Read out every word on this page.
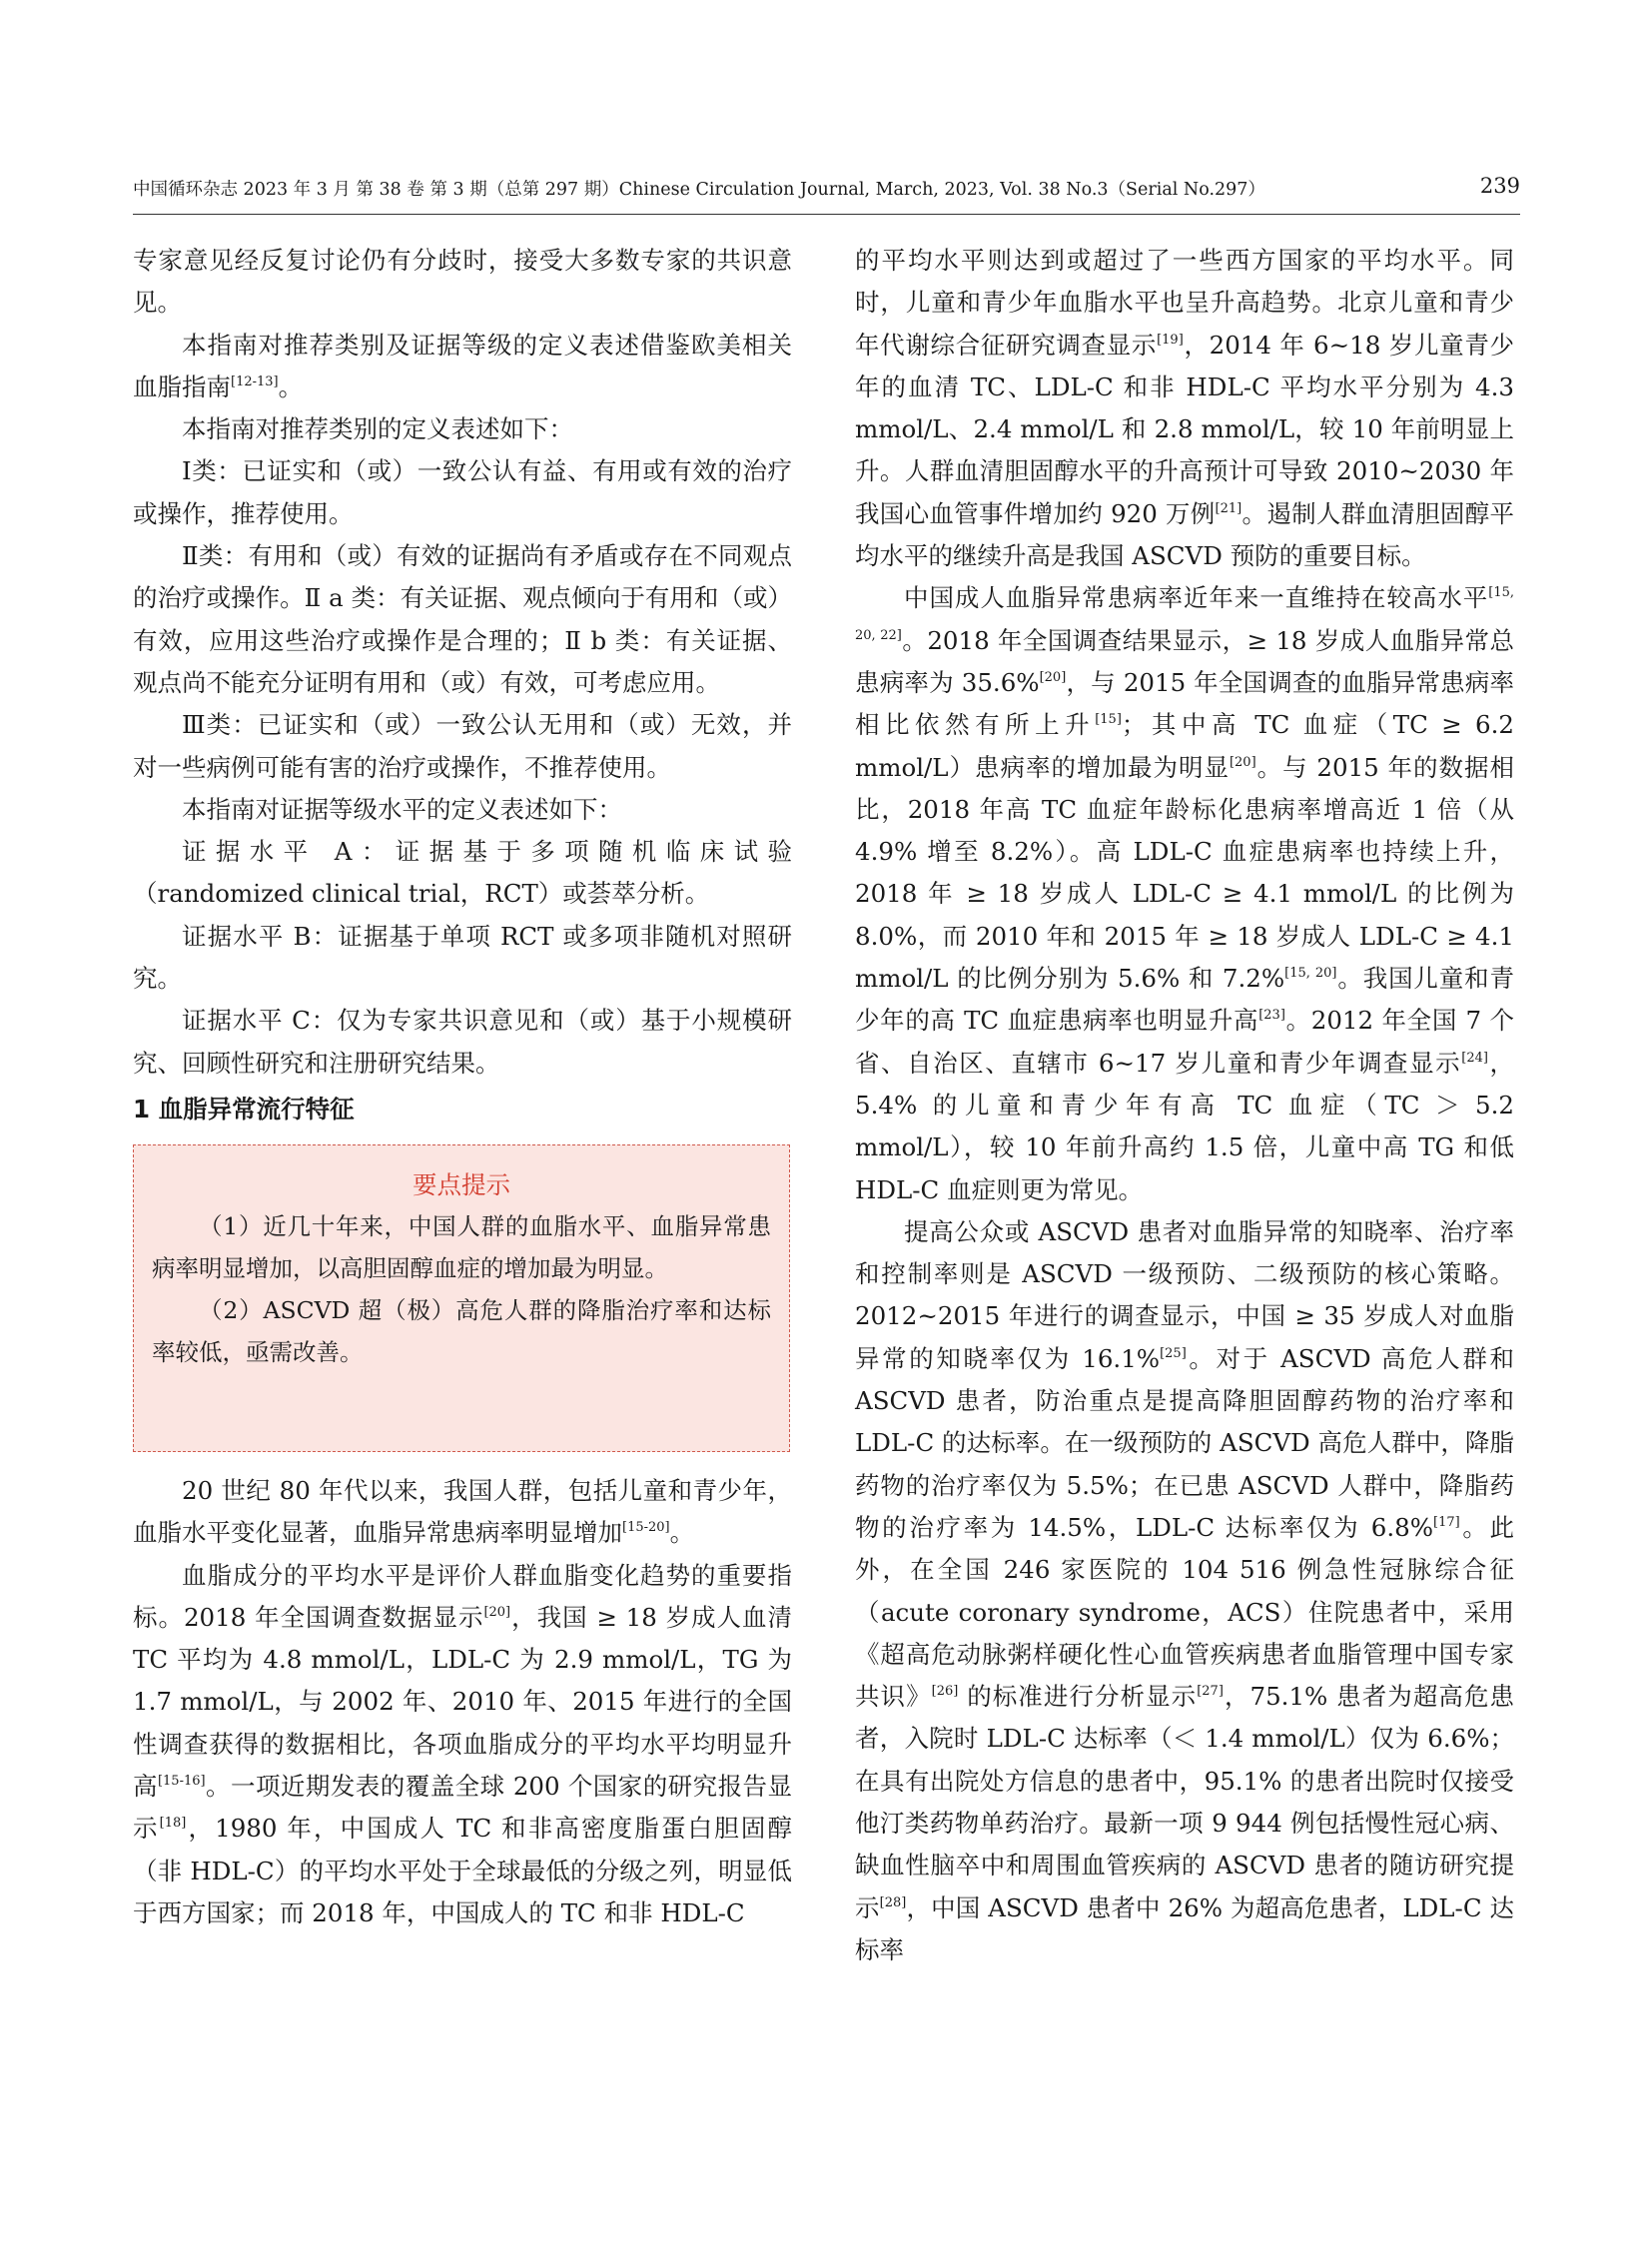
中国循环杂志 2023 年 3 月 第 38 卷 第 3 期（总第 297 期）Chinese Circulation Journal, March, 2023, Vol. 38 No.3（Serial No.297）	239

专家意见经反复讨论仍有分歧时，接受大多数专家的共识意见。

本指南对推荐类别及证据等级的定义表述借鉴欧美相关血脂指南[12-13]。

本指南对推荐类别的定义表述如下：

Ⅰ类：已证实和（或）一致公认有益、有用或有效的治疗或操作，推荐使用。

Ⅱ类：有用和（或）有效的证据尚有矛盾或存在不同观点的治疗或操作。Ⅱ a 类：有关证据、观点倾向于有用和（或）有效，应用这些治疗或操作是合理的；Ⅱ b 类：有关证据、观点尚不能充分证明有用和（或）有效，可考虑应用。

Ⅲ类：已证实和（或）一致公认无用和（或）无效，并对一些病例可能有害的治疗或操作，不推荐使用。

本指南对证据等级水平的定义表述如下：

证据水平 A：证据基于多项随机临床试验（randomized clinical trial，RCT）或荟萃分析。

证据水平 B：证据基于单项 RCT 或多项非随机对照研究。

证据水平 C：仅为专家共识意见和（或）基于小规模研究、回顾性研究和注册研究结果。

1 血脂异常流行特征
要点提示

（1）近几十年来，中国人群的血脂水平、血脂异常患病率明显增加，以高胆固醇血症的增加最为明显。

（2）ASCVD 超（极）高危人群的降脂治疗率和达标率较低，亟需改善。

20 世纪 80 年代以来，我国人群，包括儿童和青少年，血脂水平变化显著，血脂异常患病率明显增加[15-20]。

血脂成分的平均水平是评价人群血脂变化趋势的重要指标。2018 年全国调查数据显示[20]，我国 ≥ 18 岁成人血清 TC 平均为 4.8 mmol/L，LDL-C 为 2.9 mmol/L，TG 为 1.7 mmol/L，与 2002 年、2010 年、2015 年进行的全国性调查获得的数据相比，各项血脂成分的平均水平均明显升高[15-16]。一项近期发表的覆盖全球 200 个国家的研究报告显示[18]，1980 年，中国成人 TC 和非高密度脂蛋白胆固醇（非 HDL-C）的平均水平处于全球最低的分级之列，明显低于西方国家；而 2018 年，中国成人的 TC 和非 HDL-C

的平均水平则达到或超过了一些西方国家的平均水平。同时，儿童和青少年血脂水平也呈升高趋势。北京儿童和青少年代谢综合征研究调查显示[19]，2014 年 6~18 岁儿童青少年的血清 TC、LDL-C 和非 HDL-C 平均水平分别为 4.3 mmol/L、2.4 mmol/L 和 2.8 mmol/L，较 10 年前明显上升。人群血清胆固醇水平的升高预计可导致 2010~2030 年我国心血管事件增加约 920 万例[21]。遏制人群血清胆固醇平均水平的继续升高是我国 ASCVD 预防的重要目标。

中国成人血脂异常患病率近年来一直维持在较高水平[15, 20, 22]。2018 年全国调查结果显示，≥ 18 岁成人血脂异常总患病率为 35.6%[20]，与 2015 年全国调查的血脂异常患病率相比依然有所上升[15]；其中高 TC 血症（TC ≥ 6.2 mmol/L）患病率的增加最为明显[20]。与 2015 年的数据相比，2018 年高 TC 血症年龄标化患病率增高近 1 倍（从 4.9% 增至 8.2%）。高 LDL-C 血症患病率也持续上升，2018 年 ≥ 18 岁成人 LDL-C ≥ 4.1 mmol/L 的比例为 8.0%，而 2010 年和 2015 年 ≥ 18 岁成人 LDL-C ≥ 4.1 mmol/L 的比例分别为 5.6% 和 7.2%[15, 20]。我国儿童和青少年的高 TC 血症患病率也明显升高[23]。2012 年全国 7 个省、自治区、直辖市 6~17 岁儿童和青少年调查显示[24]，5.4% 的儿童和青少年有高 TC 血症（TC ＞ 5.2 mmol/L），较 10 年前升高约 1.5 倍，儿童中高 TG 和低 HDL-C 血症则更为常见。

提高公众或 ASCVD 患者对血脂异常的知晓率、治疗率和控制率则是 ASCVD 一级预防、二级预防的核心策略。2012~2015 年进行的调查显示，中国 ≥ 35 岁成人对血脂异常的知晓率仅为 16.1%[25]。对于 ASCVD 高危人群和 ASCVD 患者，防治重点是提高降胆固醇药物的治疗率和 LDL-C 的达标率。在一级预防的 ASCVD 高危人群中，降脂药物的治疗率仅为 5.5%；在已患 ASCVD 人群中，降脂药物的治疗率为 14.5%，LDL-C 达标率仅为 6.8%[17]。此外，在全国 246 家医院的 104 516 例急性冠脉综合征（acute coronary syndrome，ACS）住院患者中，采用《超高危动脉粥样硬化性心血管疾病患者血脂管理中国专家共识》[26] 的标准进行分析显示[27]，75.1% 患者为超高危患者，入院时 LDL-C 达标率（＜ 1.4 mmol/L）仅为 6.6%；在具有出院处方信息的患者中，95.1% 的患者出院时仅接受他汀类药物单药治疗。最新一项 9 944 例包括慢性冠心病、缺血性脑卒中和周围血管疾病的 ASCVD 患者的随访研究提示[28]，中国 ASCVD 患者中 26% 为超高危患者，LDL-C 达标率
